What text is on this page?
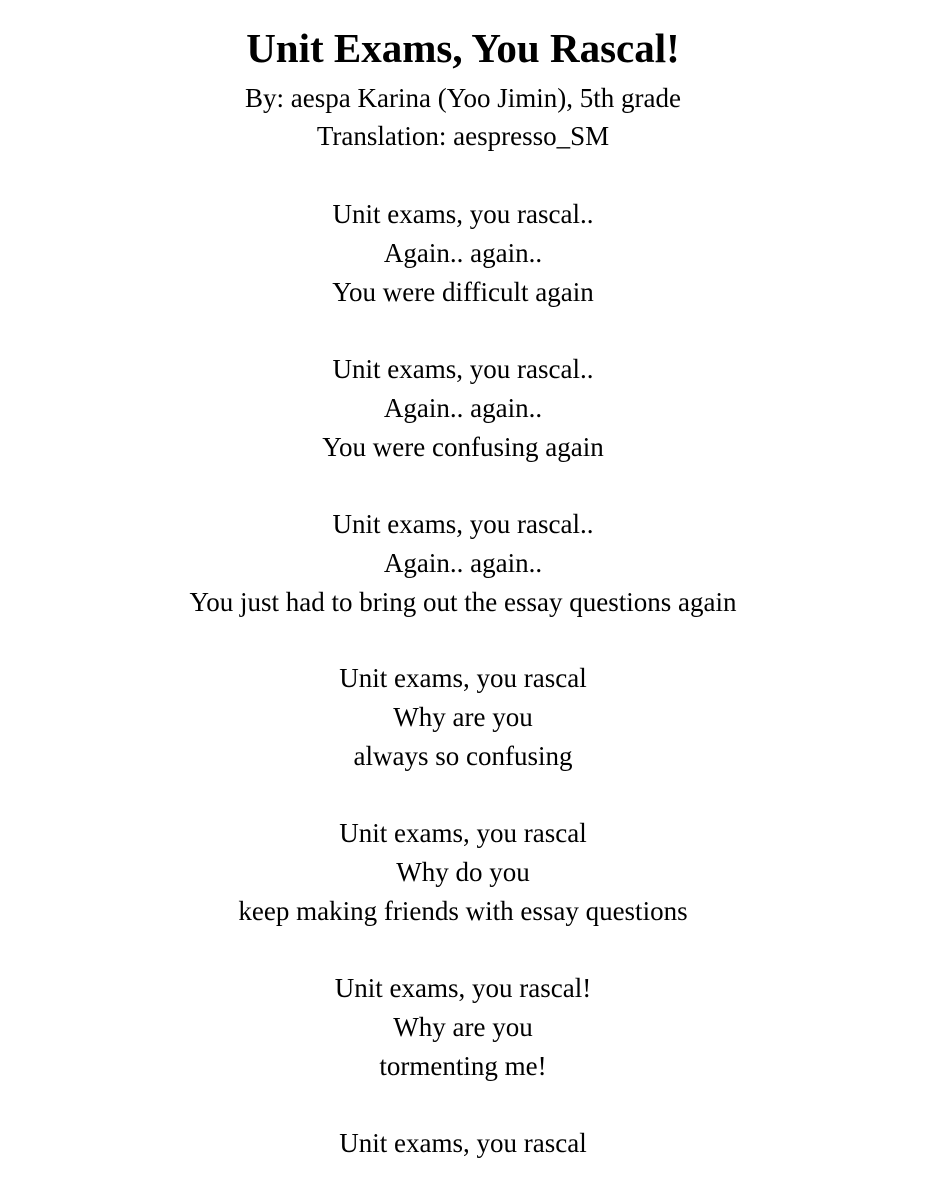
Unit Exams, You Rascal!
By: aespa Karina (Yoo Jimin), 5th grade
Translation: aespresso_SM
Unit exams, you rascal..
Again.. again..
You were difficult again
Unit exams, you rascal..
Again.. again..
You were confusing again
Unit exams, you rascal..
Again.. again..
You just had to bring out the essay questions again
Unit exams, you rascal
Why are you
always so confusing
Unit exams, you rascal
Why do you
keep making friends with essay questions
Unit exams, you rascal!
Why are you
tormenting me!
Unit exams, you rascal
